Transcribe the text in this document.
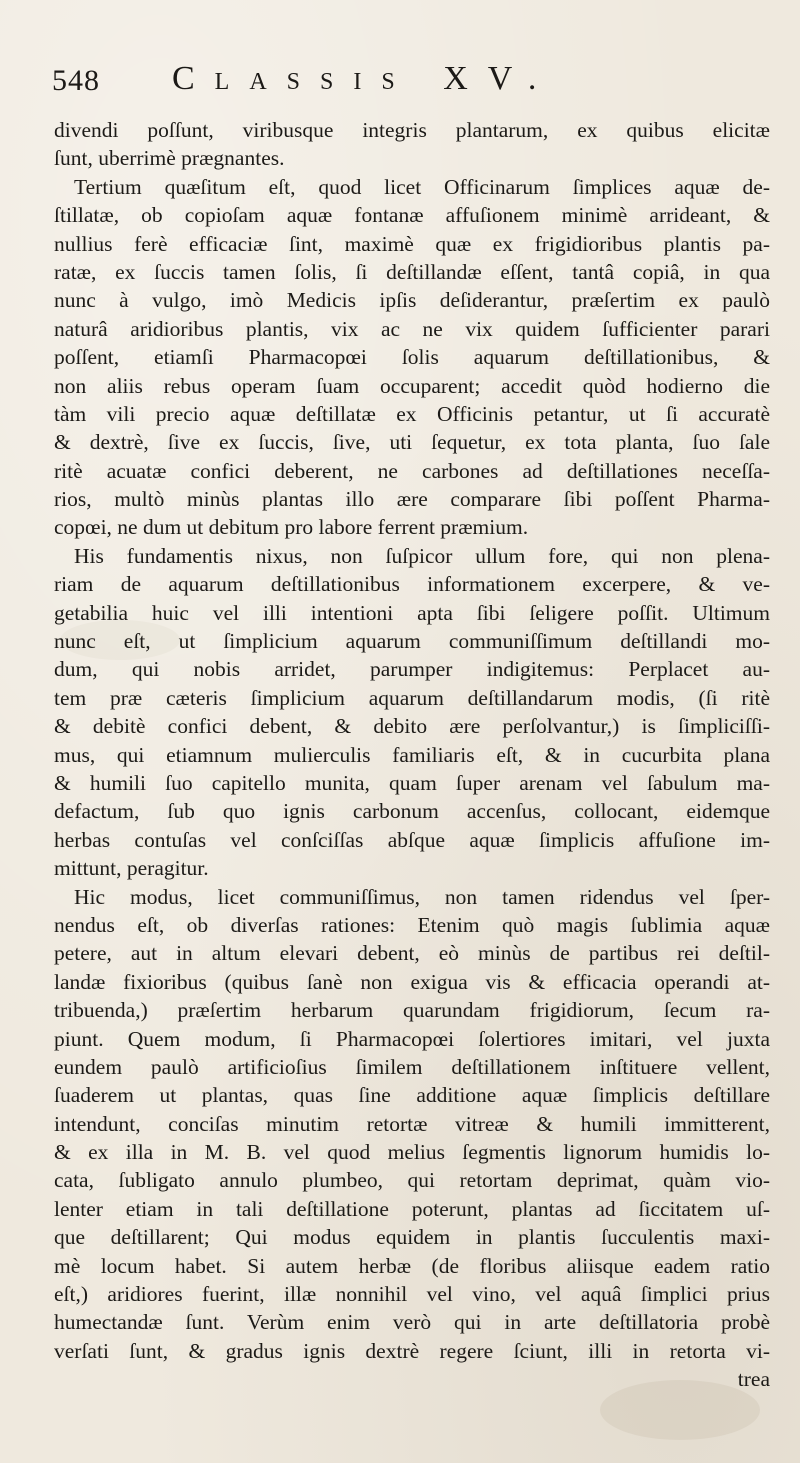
548 Classis XV.
divendi poſſunt, viribusque integris plantarum, ex quibus elicitæ
ſunt, uberrimè prægnantes.
Tertium quæſitum eſt, quod licet Officinarum ſimplices aquæ de-
ſtillatæ, ob copioſam aquæ fontanæ affuſionem minimè arrideant, &
nullius ferè efficaciæ ſint, maximè quæ ex frigidioribus plantis pa-
ratæ, ex ſuccis tamen ſolis, ſi deſtillandæ eſſent, tantâ copiâ, in qua
nunc à vulgo, imò Medicis ipſis deſiderantur, præſertim ex paulò
naturâ aridioribus plantis, vix ac ne vix quidem ſufficienter parari
poſſent, etiamſi Pharmacopœi ſolis aquarum deſtillationibus, &
non aliis rebus operam ſuam occuparent; accedit quòd hodierno die
tàm vili precio aquæ deſtillatæ ex Officinis petantur, ut ſi accuratè
& dextrè, ſive ex ſuccis, ſive, uti ſequetur, ex tota planta, ſuo ſale
ritè acuatæ confici deberent, ne carbones ad deſtillationes neceſſa-
rios, multò minùs plantas illo ære comparare ſibi poſſent Pharma-
copœi, ne dum ut debitum pro labore ferrent præmium.
His fundamentis nixus, non ſuſpicor ullum fore, qui non plena-
riam de aquarum deſtillationibus informationem excerpere, & ve-
getabilia huic vel illi intentioni apta ſibi ſeligere poſſit. Ultimum
nunc eſt, ut ſimplicium aquarum communiſſimum deſtillandi mo-
dum, qui nobis arridet, parumper indigitemus: Perplacet au-
tem præ cæteris ſimplicium aquarum deſtillandarum modis, (ſi ritè
& debitè confici debent, & debito ære perſolvantur,) is ſimpliciſſi-
mus, qui etiamnum mulierculis familiaris eſt, & in cucurbita plana
& humili ſuo capitello munita, quam ſuper arenam vel ſabulum ma-
defactum, ſub quo ignis carbonum accenſus, collocant, eidemque
herbas contuſas vel conſciſſas abſque aquæ ſimplicis affuſione im-
mittunt, peragitur.
Hic modus, licet communiſſimus, non tamen ridendus vel ſper-
nendus eſt, ob diverſas rationes: Etenim quò magis ſublimia aquæ
petere, aut in altum elevari debent, eò minùs de partibus rei deſtil-
landæ fixioribus (quibus ſanè non exigua vis & efficacia operandi at-
tribuenda,) præſertim herbarum quarundam frigidiorum, ſecum ra-
piunt. Quem modum, ſi Pharmacopœi ſolertiores imitari, vel juxta
eundem paulò artificioſius ſimilem deſtillationem inſtituere vellent,
ſuaderem ut plantas, quas ſine additione aquæ ſimplicis deſtillare
intendunt, conciſas minutim retortæ vitreæ & humili immitterent,
& ex illa in M. B. vel quod melius ſegmentis lignorum humidis lo-
cata, ſubligato annulo plumbeo, qui retortam deprimat, quàm vio-
lenter etiam in tali deſtillatione poterunt, plantas ad ſiccitatem uſ-
que deſtillarent; Qui modus equidem in plantis ſucculentis maxi-
mè locum habet. Si autem herbæ (de floribus aliisque eadem ratio
eſt,) aridiores fuerint, illæ nonnihil vel vino, vel aquâ ſimplici prius
humectandæ ſunt. Verùm enim verò qui in arte deſtillatoria probè
verſati ſunt, & gradus ignis dextrè regere ſciunt, illi in retorta vi-
trea
